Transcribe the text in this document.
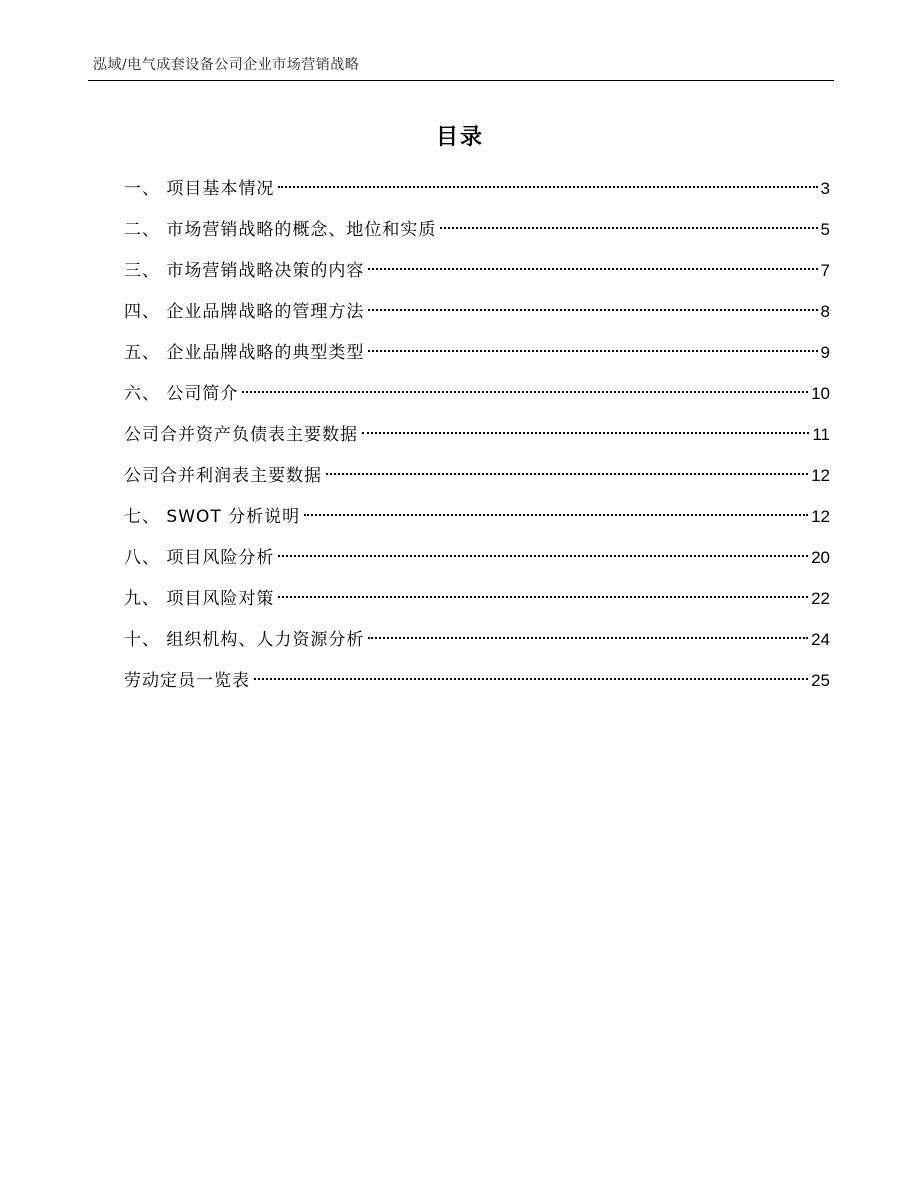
泓域/电气成套设备公司企业市场营销战略
目录
一、 项目基本情况	3
二、 市场营销战略的概念、地位和实质	5
三、 市场营销战略决策的内容	7
四、 企业品牌战略的管理方法	8
五、 企业品牌战略的典型类型	9
六、 公司简介	10
公司合并资产负债表主要数据	11
公司合并利润表主要数据	12
七、 SWOT 分析说明	12
八、 项目风险分析	20
九、 项目风险对策	22
十、 组织机构、人力资源分析	24
劳动定员一览表	25
